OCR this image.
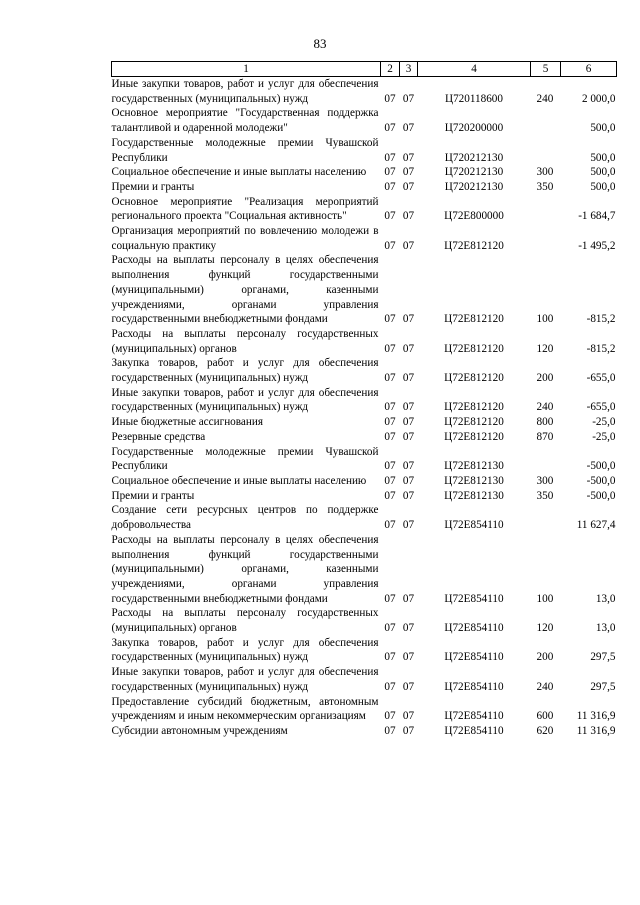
83
1	2	3	4	5	6
Иные закупки товаров, работ и услуг для обеспечения государственных (муниципальных) нужд	07	07	Ц720118600	240	2 000,0
Основное мероприятие "Государственная поддержка талантливой и одаренной молодежи"	07	07	Ц720200000		500,0
Государственные молодежные премии Чувашской Республики	07	07	Ц720212130		500,0
Социальное обеспечение и иные выплаты населению	07	07	Ц720212130	300	500,0
Премии и гранты	07	07	Ц720212130	350	500,0
Основное мероприятие "Реализация мероприятий регионального проекта "Социальная активность"	07	07	Ц72E800000		-1 684,7
Организация мероприятий по вовлечению молодежи в социальную практику	07	07	Ц72E812120		-1 495,2
Расходы на выплаты персоналу в целях обеспечения выполнения функций государственными (муниципальными) органами, казенными учреждениями, органами управления государственными внебюджетными фондами	07	07	Ц72E812120	100	-815,2
Расходы на выплаты персоналу государственных (муниципальных) органов	07	07	Ц72E812120	120	-815,2
Закупка товаров, работ и услуг для обеспечения государственных (муниципальных) нужд	07	07	Ц72E812120	200	-655,0
Иные закупки товаров, работ и услуг для обеспечения государственных (муниципальных) нужд	07	07	Ц72E812120	240	-655,0
Иные бюджетные ассигнования	07	07	Ц72E812120	800	-25,0
Резервные средства	07	07	Ц72E812120	870	-25,0
Государственные молодежные премии Чувашской Республики	07	07	Ц72E812130		-500,0
Социальное обеспечение и иные выплаты населению	07	07	Ц72E812130	300	-500,0
Премии и гранты	07	07	Ц72E812130	350	-500,0
Создание сети ресурсных центров по поддержке добровольчества	07	07	Ц72E854110		11 627,4
Расходы на выплаты персоналу в целях обеспечения выполнения функций государственными (муниципальными) органами, казенными учреждениями, органами управления государственными внебюджетными фондами	07	07	Ц72E854110	100	13,0
Расходы на выплаты персоналу государственных (муниципальных) органов	07	07	Ц72E854110	120	13,0
Закупка товаров, работ и услуг для обеспечения государственных (муниципальных) нужд	07	07	Ц72E854110	200	297,5
Иные закупки товаров, работ и услуг для обеспечения государственных (муниципальных) нужд	07	07	Ц72E854110	240	297,5
Предоставление субсидий бюджетным, автономным учреждениям и иным некоммерческим организациям	07	07	Ц72E854110	600	11 316,9
Субсидии автономным учреждениям	07	07	Ц72E854110	620	11 316,9
